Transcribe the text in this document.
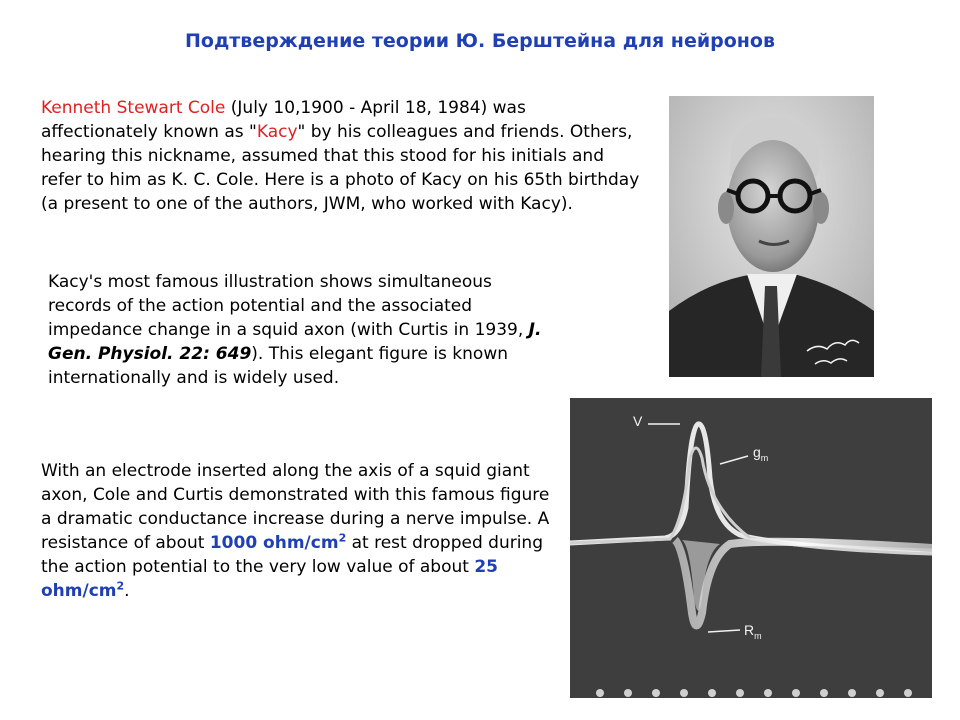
Подтверждение теории Ю. Берштейна для нейронов

Kenneth Stewart Cole (July 10,1900 - April 18, 1984) was affectionately known as "Kacy" by his colleagues and friends. Others, hearing this nickname, assumed that this stood for his initials and refer to him as K. C. Cole. Here is a photo of Kacy on his 65th birthday (a present to one of the authors, JWM, who worked with Kacy).

Kacy's most famous illustration shows simultaneous records of the action potential and the associated impedance change in a squid axon (with Curtis in 1939, J. Gen. Physiol. 22: 649). This elegant figure is known internationally and is widely used.

With an electrode inserted along the axis of a squid giant axon, Cole and Curtis demonstrated with this famous figure a dramatic conductance increase during a nerve impulse. A resistance of about 1000 ohm/$cm^2$ at rest dropped during the action potential to the very low value of about 25 ohm/$cm^2$.

V
$g_m$
$R_m$
